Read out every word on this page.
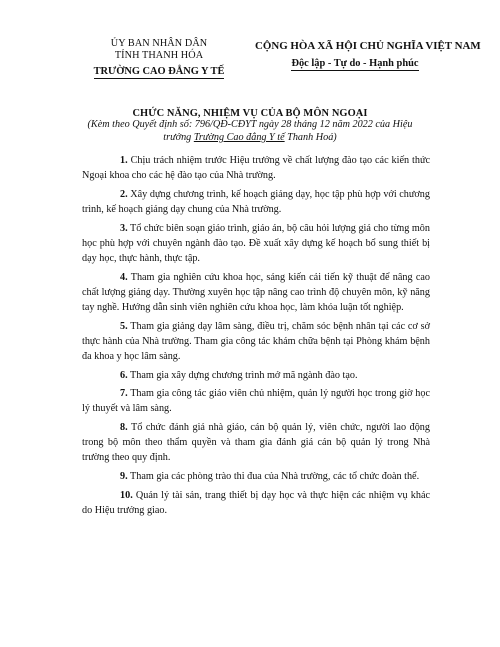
ỦY BAN NHÂN DÂN
TỈNH THANH HÓA
TRƯỜNG CAO ĐẲNG Y TẾ
CỘNG HÒA XÃ HỘI CHỦ NGHĨA VIỆT NAM
Độc lập - Tự do - Hạnh phúc
CHỨC NĂNG, NHIỆM VỤ CỦA BỘ MÔN NGOẠI
(Kèm theo Quyết định số: 796/QĐ-CĐYT ngày 28 tháng 12 năm 2022 của Hiệu trưởng Trường Cao đẳng Y tế Thanh Hoá)

1. Chịu trách nhiệm trước Hiệu trưởng về chất lượng đào tạo các kiến thức Ngoại khoa cho các hệ đào tạo của Nhà trường.

2. Xây dựng chương trình, kế hoạch giảng dạy, học tập phù hợp với chương trình, kế hoạch giảng dạy chung của Nhà trường.

3. Tổ chức biên soạn giáo trình, giáo án, bộ câu hỏi lượng giá cho từng môn học phù hợp với chuyên ngành đào tạo. Đề xuất xây dựng kế hoạch bổ sung thiết bị dạy học, thực hành, thực tập.

4. Tham gia nghiên cứu khoa học, sáng kiến cải tiến kỹ thuật để nâng cao chất lượng giảng dạy. Thường xuyên học tập nâng cao trình độ chuyên môn, kỹ năng tay nghề. Hướng dẫn sinh viên nghiên cứu khoa học, làm khóa luận tốt nghiệp.

5. Tham gia giảng dạy lâm sàng, điều trị, chăm sóc bệnh nhân tại các cơ sở thực hành của Nhà trường. Tham gia công tác khám chữa bệnh tại Phòng khám bệnh đa khoa y học lâm sàng.

6. Tham gia xây dựng chương trình mở mã ngành đào tạo.

7. Tham gia công tác giáo viên chủ nhiệm, quản lý người học trong giờ học lý thuyết và lâm sàng.

8. Tổ chức đánh giá nhà giáo, cán bộ quản lý, viên chức, người lao động trong bộ môn theo thẩm quyền và tham gia đánh giá cán bộ quản lý trong Nhà trường theo quy định.

9. Tham gia các phòng trào thi đua của Nhà trường, các tổ chức đoàn thể.

10. Quản lý tài sản, trang thiết bị dạy học và thực hiện các nhiệm vụ khác do Hiệu trưởng giao.
